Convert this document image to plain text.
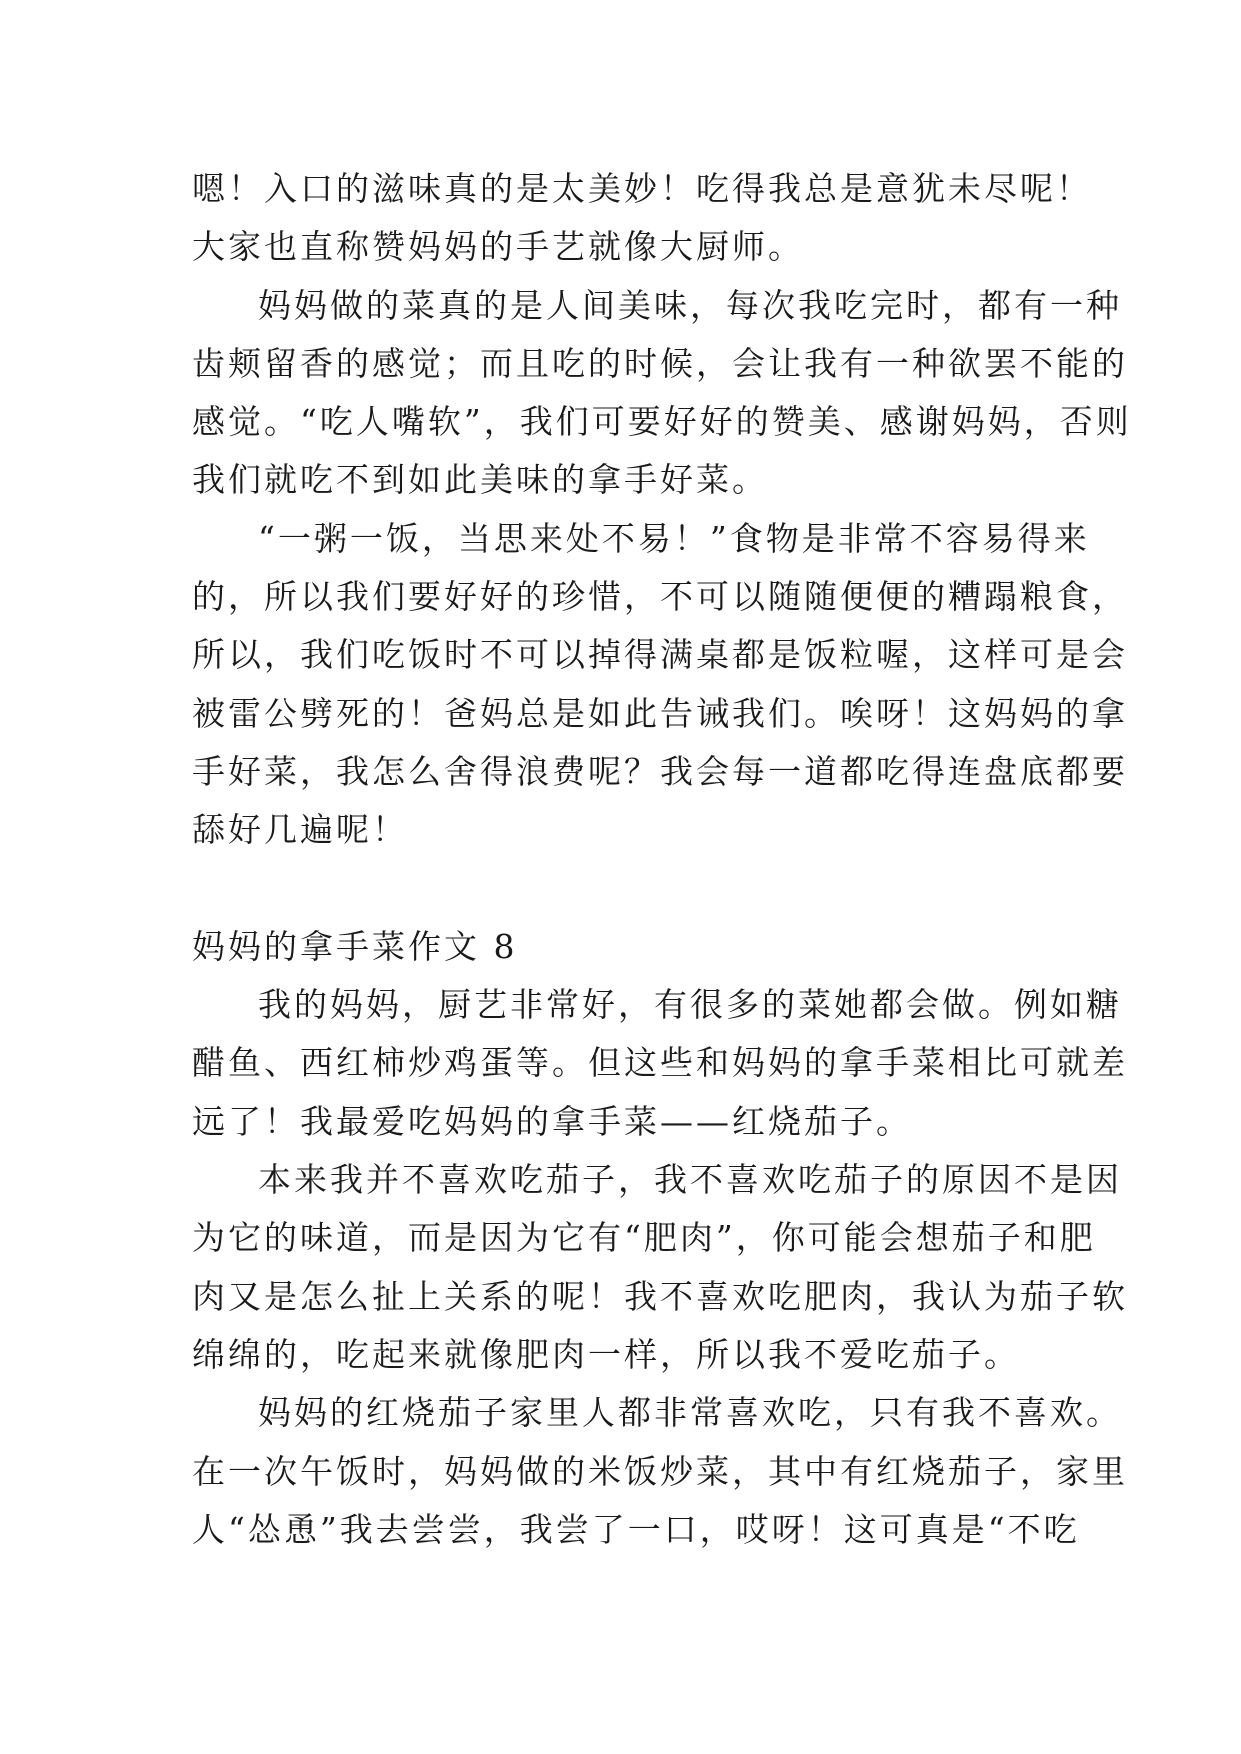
嗯！入口的滋味真的是太美妙！吃得我总是意犹未尽呢！
大家也直称赞妈妈的手艺就像大厨师。
妈妈做的菜真的是人间美味，每次我吃完时，都有一种
齿颊留香的感觉；而且吃的时候，会让我有一种欲罢不能的
感觉。“吃人嘴软”，我们可要好好的赞美、感谢妈妈，否则
我们就吃不到如此美味的拿手好菜。
“一粥一饭，当思来处不易！”食物是非常不容易得来
的，所以我们要好好的珍惜，不可以随随便便的糟蹋粮食，
所以，我们吃饭时不可以掉得满桌都是饭粒喔，这样可是会
被雷公劈死的！爸妈总是如此告诫我们。唉呀！这妈妈的拿
手好菜，我怎么舍得浪费呢？我会每一道都吃得连盘底都要
舔好几遍呢！
妈妈的拿手菜作文 8
我的妈妈，厨艺非常好，有很多的菜她都会做。例如糖
醋鱼、西红柿炒鸡蛋等。但这些和妈妈的拿手菜相比可就差
远了！我最爱吃妈妈的拿手菜——红烧茄子。
本来我并不喜欢吃茄子，我不喜欢吃茄子的原因不是因
为它的味道，而是因为它有“肥肉”，你可能会想茄子和肥
肉又是怎么扯上关系的呢！我不喜欢吃肥肉，我认为茄子软
绵绵的，吃起来就像肥肉一样，所以我不爱吃茄子。
妈妈的红烧茄子家里人都非常喜欢吃，只有我不喜欢。
在一次午饭时，妈妈做的米饭炒菜，其中有红烧茄子，家里
人“怂恿”我去尝尝，我尝了一口，哎呀！这可真是“不吃
